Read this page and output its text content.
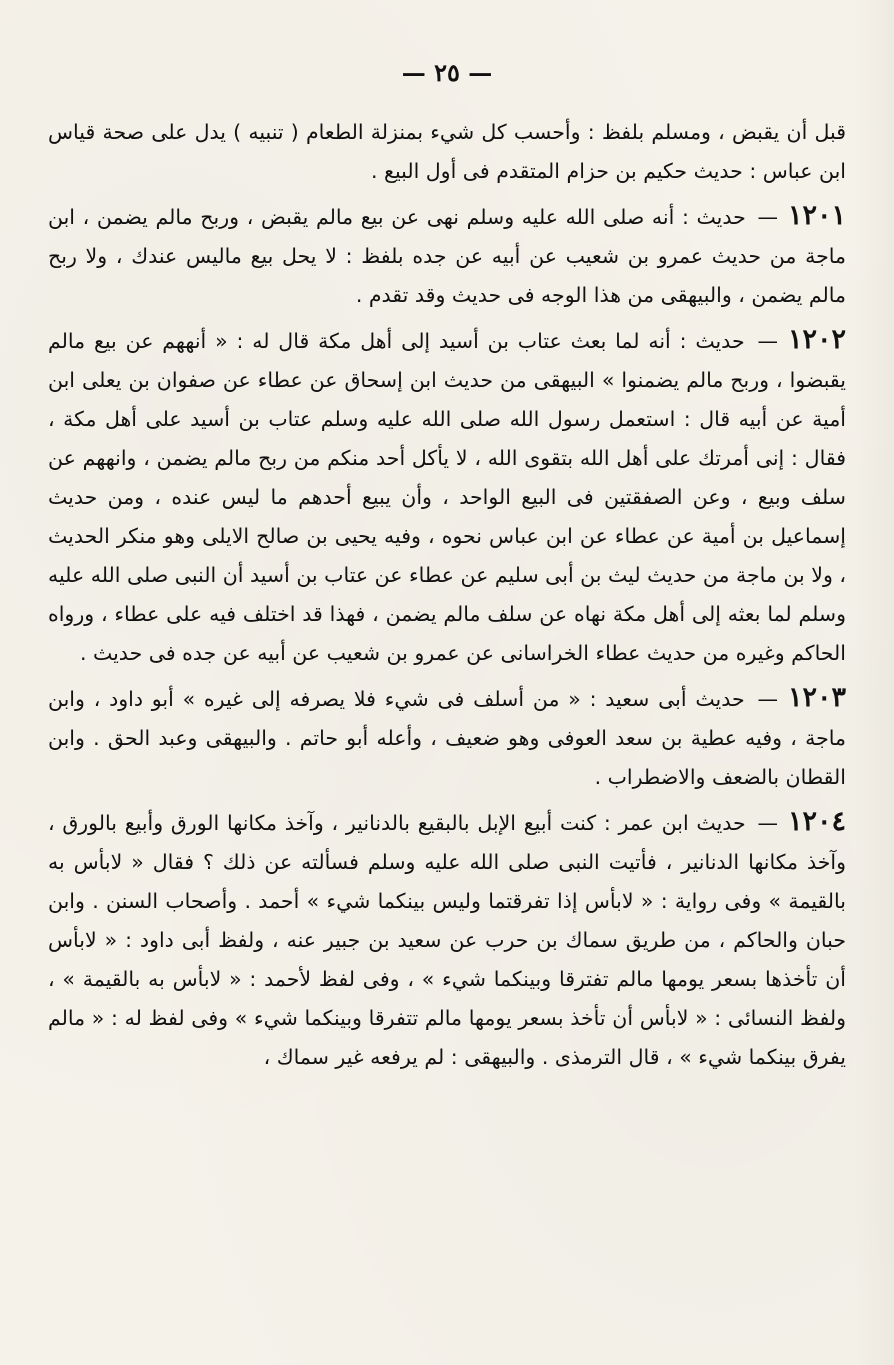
— ٢٥ —

قبل أن يقبض ، ومسلم بلفظ : وأحسب كل شيء بمنزلة الطعام ( تنبيه ) يدل على صحة قياس ابن عباس : حديث حكيم بن حزام المتقدم فى أول البيع .

١٢٠١— حديث : أنه صلى الله عليه وسلم نهى عن بيع مالم يقبض ، وربح مالم يضمن ، ابن ماجة من حديث عمرو بن شعيب عن أبيه عن جده بلفظ : لا يحل بيع ماليس عندك ، ولا ربح مالم يضمن ، والبيهقى من هذا الوجه فى حديث وقد تقدم .

١٢٠٢— حديث : أنه لما بعث عتاب بن أسيد إلى أهل مكة قال له : « أنههم عن بيع مالم يقبضوا ، وربح مالم يضمنوا » البيهقى من حديث ابن إسحاق عن عطاء عن صفوان بن يعلى ابن أمية عن أبيه قال : استعمل رسول الله صلى الله عليه وسلم عتاب بن أسيد على أهل مكة ، فقال : إنى أمرتك على أهل الله بتقوى الله ، لا يأكل أحد منكم من ربح مالم يضمن ، وانههم عن سلف وبيع ، وعن الصفقتين فى البيع الواحد ، وأن يبيع أحدهم ما ليس عنده ، ومن حديث إسماعيل بن أمية عن عطاء عن ابن عباس نحوه ، وفيه يحيى بن صالح الايلى وهو منكر الحديث ، ولا بن ماجة من حديث ليث بن أبى سليم عن عطاء عن عتاب بن أسيد أن النبى صلى الله عليه وسلم لما بعثه إلى أهل مكة نهاه عن سلف مالم يضمن ، فهذا قد اختلف فيه على عطاء ، ورواه الحاكم وغيره من حديث عطاء الخراسانى عن عمرو بن شعيب عن أبيه عن جده فى حديث .

١٢٠٣— حديث أبى سعيد : « من أسلف فى شيء فلا يصرفه إلى غيره » أبو داود ، وابن ماجة ، وفيه عطية بن سعد العوفى وهو ضعيف ، وأعله أبو حاتم . والبيهقى وعبد الحق . وابن القطان بالضعف والاضطراب .

١٢٠٤— حديث ابن عمر : كنت أبيع الإبل بالبقيع بالدنانير ، وآخذ مكانها الورق وأبيع بالورق ، وآخذ مكانها الدنانير ، فأتيت النبى صلى الله عليه وسلم فسألته عن ذلك ؟ فقال « لابأس به بالقيمة » وفى رواية : « لابأس إذا تفرقتما وليس بينكما شيء » أحمد . وأصحاب السنن . وابن حبان والحاكم ، من طريق سماك بن حرب عن سعيد بن جبير عنه ، ولفظ أبى داود : « لابأس أن تأخذها بسعر يومها مالم تفترقا وبينكما شيء » ، وفى لفظ لأحمد : « لابأس به بالقيمة » ، ولفظ النسائى : « لابأس أن تأخذ بسعر يومها مالم تتفرقا وبينكما شيء » وفى لفظ له : « مالم يفرق بينكما شيء » ، قال الترمذى . والبيهقى : لم يرفعه غير سماك ،
